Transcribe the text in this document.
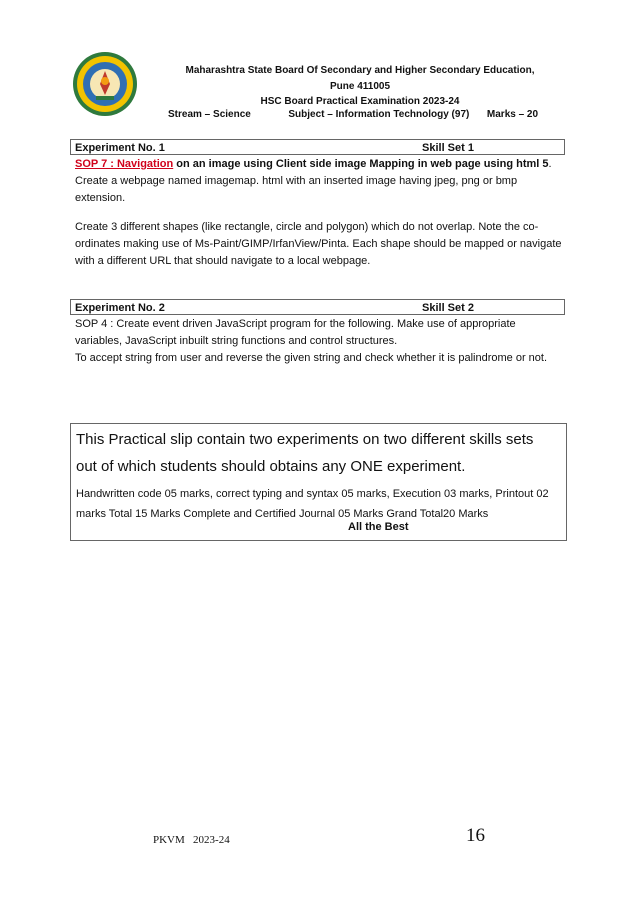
Maharashtra State Board Of Secondary and Higher Secondary Education,
Pune 411005
HSC Board Practical Examination 2023-24
Stream – Science	Subject – Information Technology (97) Marks – 20
Experiment No. 1	Skill Set 1
SOP 7 : Navigation on an image using Client side image Mapping in web page using html 5.
Create a webpage named imagemap. html with an inserted image having jpeg, png or bmp extension.
Create 3 different shapes (like rectangle, circle and polygon) which do not overlap. Note the co-ordinates making use of Ms-Paint/GIMP/IrfanView/Pinta. Each shape should be mapped or navigate with a different URL that should navigate to a local webpage.
Experiment No. 2	Skill Set 2
SOP 4 : Create event driven JavaScript program for the following. Make use of appropriate variables, JavaScript inbuilt string functions and control structures.
To accept string from user and reverse the given string and check whether it is palindrome or not.
This Practical slip contain two experiments on two different skills sets out of which students should obtains any ONE experiment.
Handwritten code 05 marks, correct typing and syntax 05 marks, Execution 03 marks, Printout 02 marks Total 15 Marks Complete and Certified Journal 05 Marks Grand Total20 Marks
All the Best
PKVM   2023-24	16
